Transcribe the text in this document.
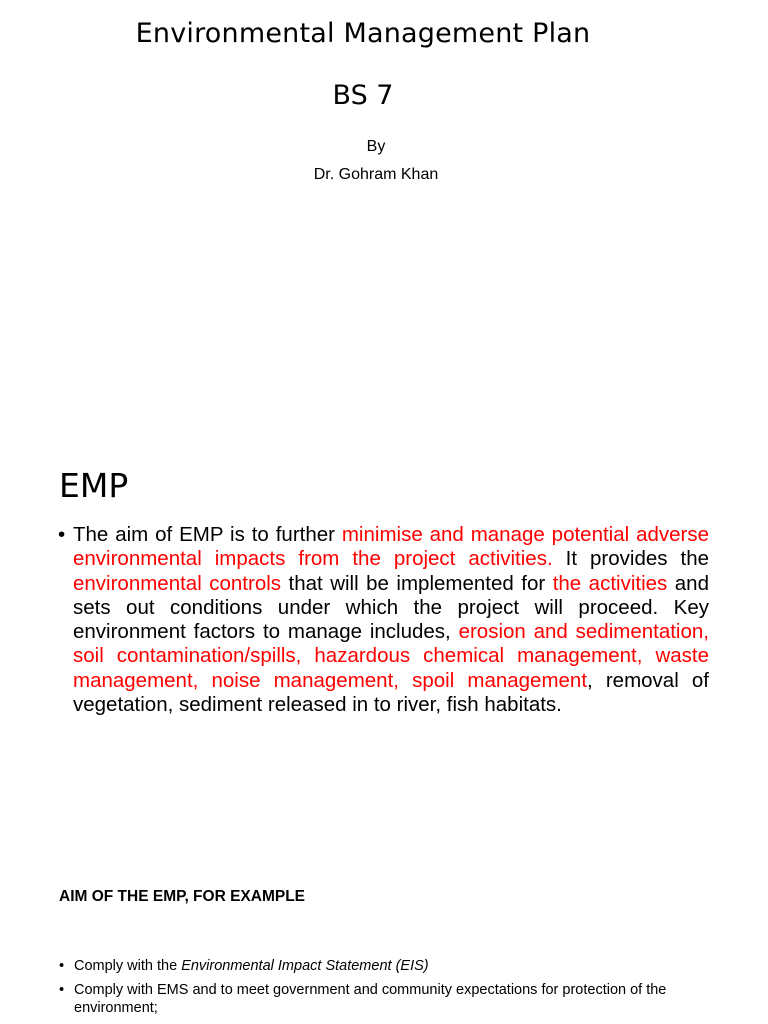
Environmental Management Plan
BS 7
By
Dr. Gohram Khan
EMP
• The aim of EMP is to further minimise and manage potential adverse environmental impacts from the project activities. It provides the environmental controls that will be implemented for the activities and sets out conditions under which the project will proceed. Key environment factors to manage includes, erosion and sedimentation, soil contamination/spills, hazardous chemical management, waste management, noise management, spoil management, removal of vegetation, sediment released in to river, fish habitats.
AIM OF THE EMP, FOR EXAMPLE
• Comply with the Environmental Impact Statement (EIS)
• Comply with EMS and to meet government and community expectations for protection of the environment;
